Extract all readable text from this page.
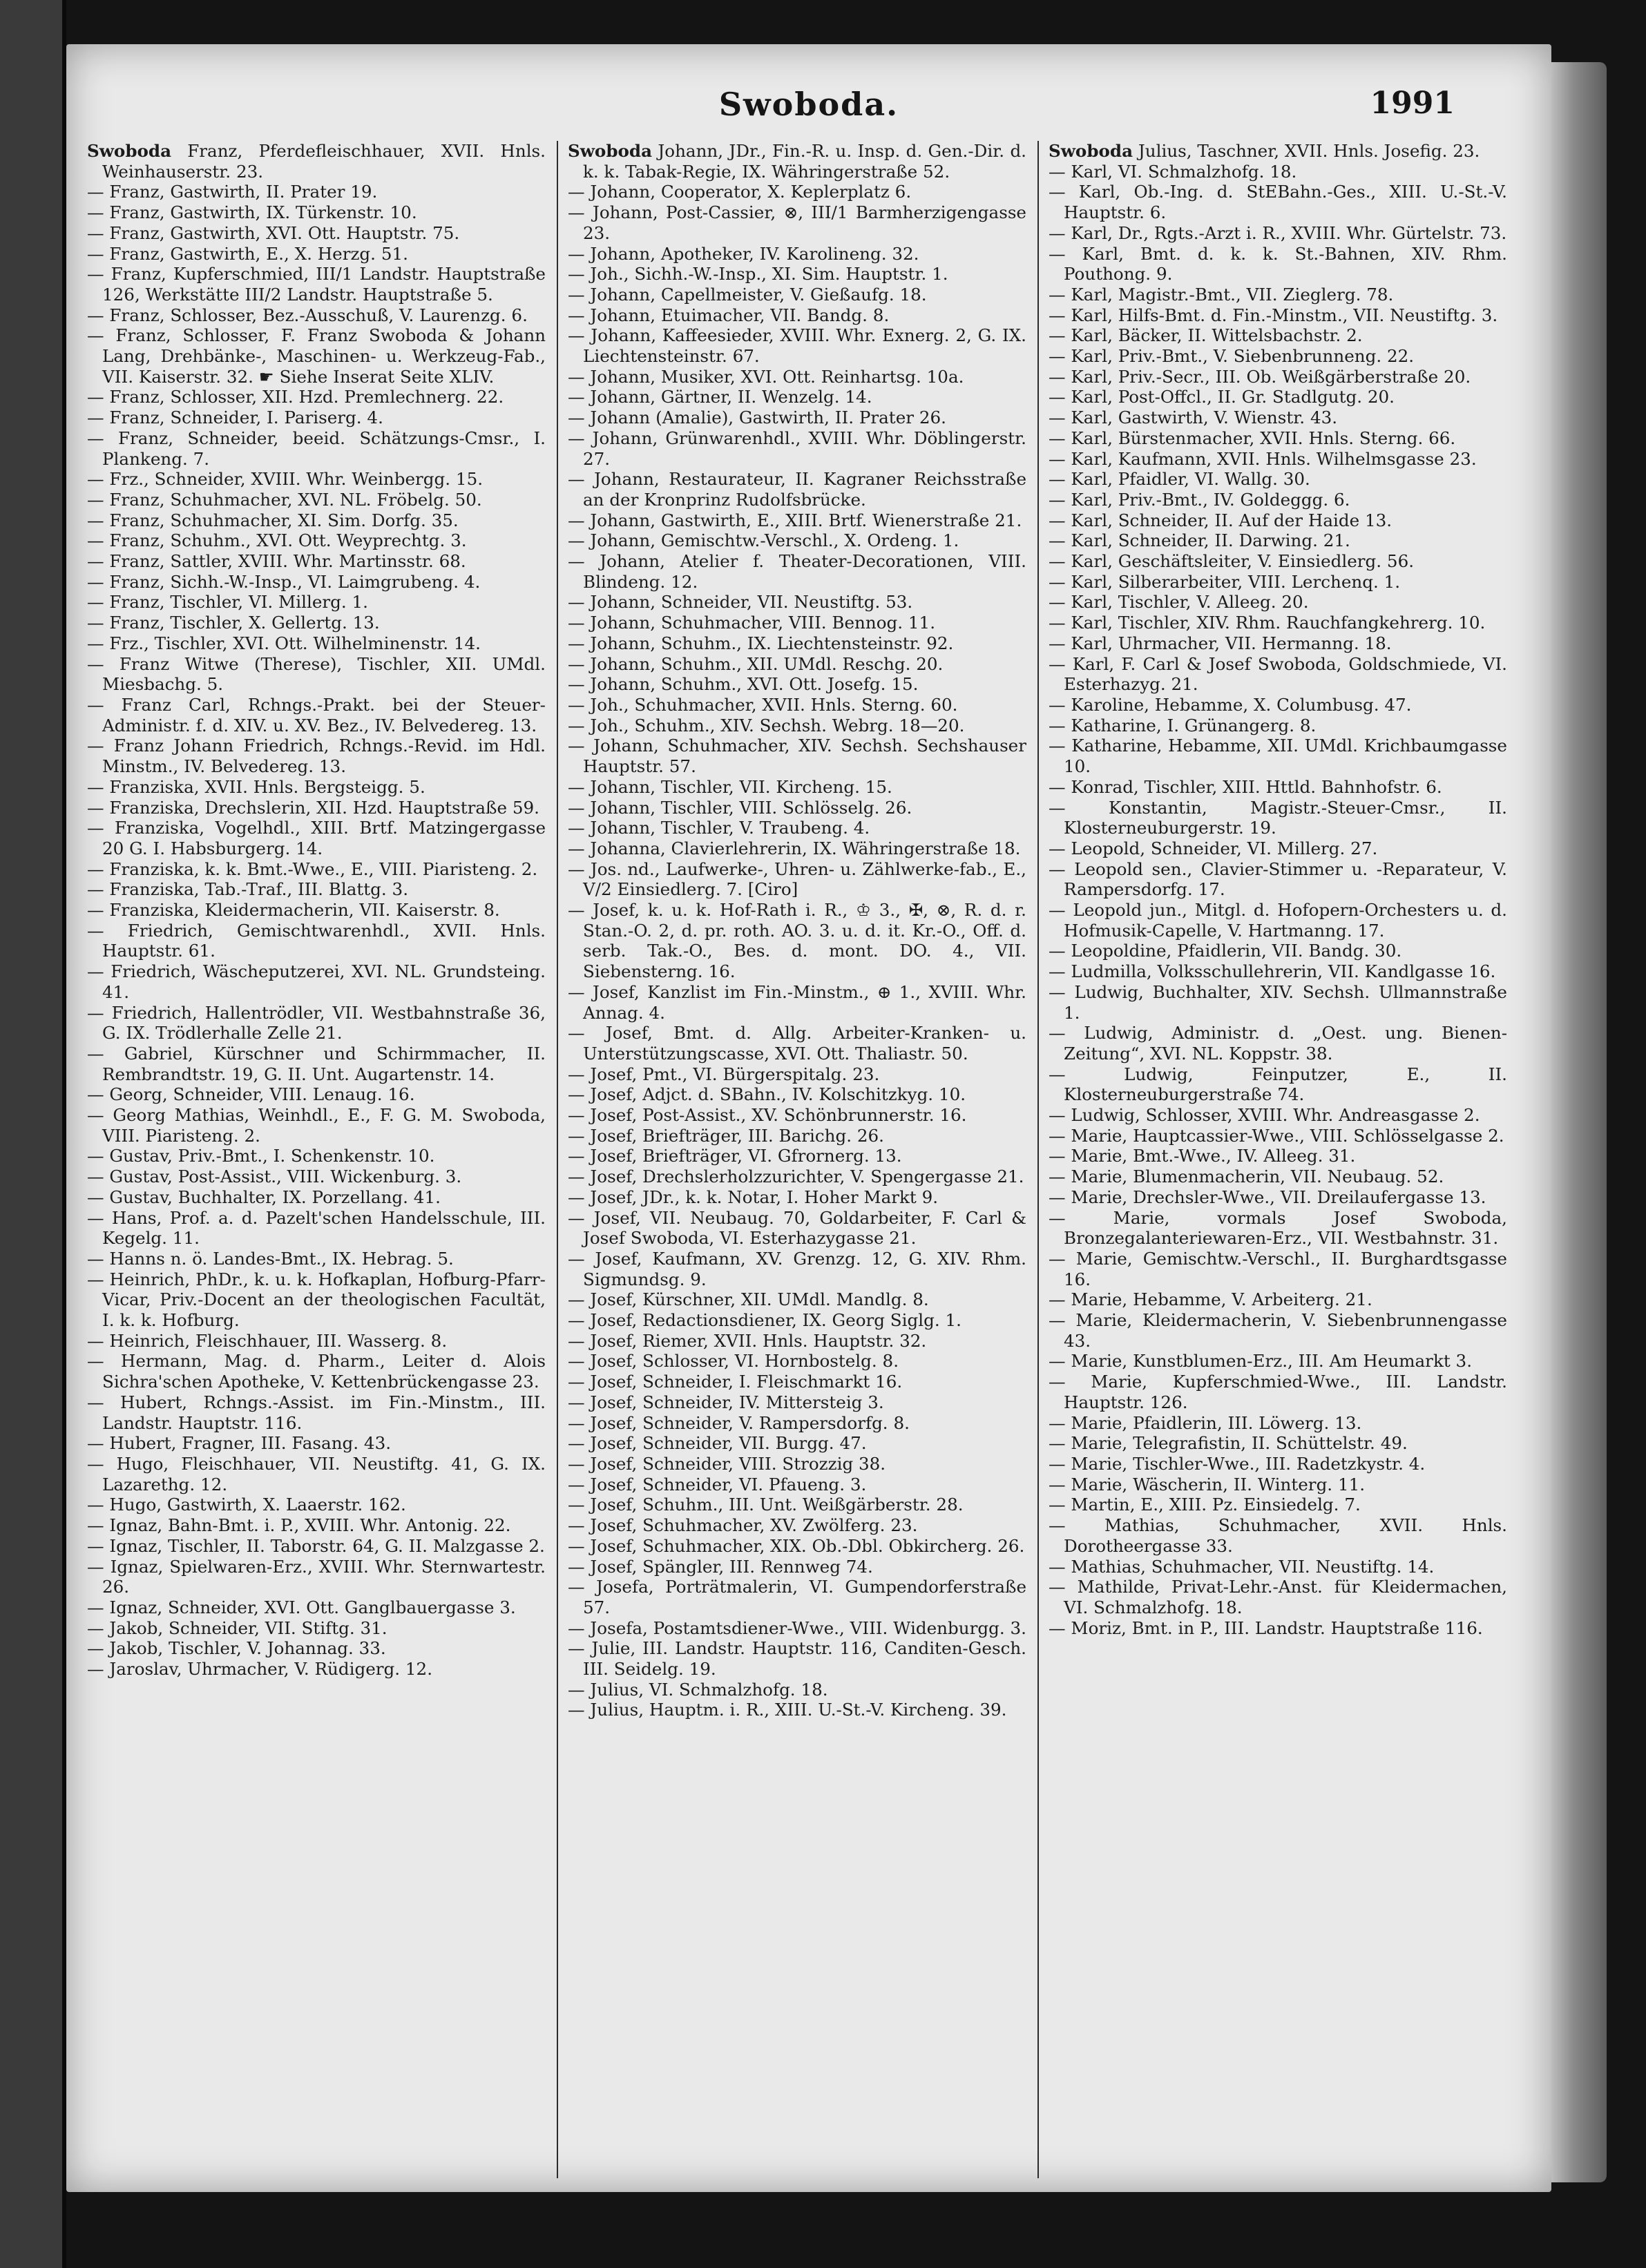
Swoboda.	1991

Swoboda Franz, Pferdefleischhauer, XVII. Hnls. Weinhauserstr. 23.

— Franz, Gastwirth, II. Prater 19.

— Franz, Gastwirth, IX. Türkenstr. 10.

— Franz, Gastwirth, XVI. Ott. Hauptstr. 75.

— Franz, Gastwirth, E., X. Herzg. 51.

— Franz, Kupferschmied, III/1 Landstr. Hauptstraße 126, Werkstätte III/2 Landstr. Hauptstraße 5.

— Franz, Schlosser, Bez.-Ausschuß, V. Laurenzg. 6.

— Franz, Schlosser, F. Franz Swoboda & Johann Lang, Drehbänke-, Maschinen- u. Werkzeug-Fab., VII. Kaiserstr. 32. ☛ Siehe Inserat Seite XLIV.

— Franz, Schlosser, XII. Hzd. Premlechnerg. 22.

— Franz, Schneider, I. Pariserg. 4.

— Franz, Schneider, beeid. Schätzungs-Cmsr., I. Plankeng. 7.

— Frz., Schneider, XVIII. Whr. Weinbergg. 15.

— Franz, Schuhmacher, XVI. NL. Fröbelg. 50.

— Franz, Schuhmacher, XI. Sim. Dorfg. 35.

— Franz, Schuhm., XVI. Ott. Weyprechtg. 3.

— Franz, Sattler, XVIII. Whr. Martinsstr. 68.

— Franz, Sichh.-W.-Insp., VI. Laimgrubeng. 4.

— Franz, Tischler, VI. Millerg. 1.

— Franz, Tischler, X. Gellertg. 13.

— Frz., Tischler, XVI. Ott. Wilhelminenstr. 14.

— Franz Witwe (Therese), Tischler, XII. UMdl. Miesbachg. 5.

— Franz Carl, Rchngs.-Prakt. bei der Steuer-Administr. f. d. XIV. u. XV. Bez., IV. Belvedereg. 13.

— Franz Johann Friedrich, Rchngs.-Revid. im Hdl. Minstm., IV. Belvedereg. 13.

— Franziska, XVII. Hnls. Bergsteigg. 5.

— Franziska, Drechslerin, XII. Hzd. Hauptstraße 59.

— Franziska, Vogelhdl., XIII. Brtf. Matzingergasse 20 G. I. Habsburgerg. 14.

— Franziska, k. k. Bmt.-Wwe., E., VIII. Piaristeng. 2.

— Franziska, Tab.-Traf., III. Blattg. 3.

— Franziska, Kleidermacherin, VII. Kaiserstr. 8.

— Friedrich, Gemischtwarenhdl., XVII. Hnls. Hauptstr. 61.

— Friedrich, Wäscheputzerei, XVI. NL. Grundsteing. 41.

— Friedrich, Hallentrödler, VII. Westbahnstraße 36, G. IX. Trödlerhalle Zelle 21.

— Gabriel, Kürschner und Schirmmacher, II. Rembrandtstr. 19, G. II. Unt. Augartenstr. 14.

— Georg, Schneider, VIII. Lenaug. 16.

— Georg Mathias, Weinhdl., E., F. G. M. Swoboda, VIII. Piaristeng. 2.

— Gustav, Priv.-Bmt., I. Schenkenstr. 10.

— Gustav, Post-Assist., VIII. Wickenburg. 3.

— Gustav, Buchhalter, IX. Porzellang. 41.

— Hans, Prof. a. d. Pazelt'schen Handelsschule, III. Kegelg. 11.

— Hanns n. ö. Landes-Bmt., IX. Hebrag. 5.

— Heinrich, PhDr., k. u. k. Hofkaplan, Hofburg-Pfarr-Vicar, Priv.-Docent an der theologischen Facultät, I. k. k. Hofburg.

— Heinrich, Fleischhauer, III. Wasserg. 8.

— Hermann, Mag. d. Pharm., Leiter d. Alois Sichra'schen Apotheke, V. Kettenbrückengasse 23.

— Hubert, Rchngs.-Assist. im Fin.-Minstm., III. Landstr. Hauptstr. 116.

— Hubert, Fragner, III. Fasang. 43.

— Hugo, Fleischhauer, VII. Neustiftg. 41, G. IX. Lazarethg. 12.

— Hugo, Gastwirth, X. Laaerstr. 162.

— Ignaz, Bahn-Bmt. i. P., XVIII. Whr. Antonig. 22.

— Ignaz, Tischler, II. Taborstr. 64, G. II. Malzgasse 2.

— Ignaz, Spielwaren-Erz., XVIII. Whr. Sternwartestr. 26.

— Ignaz, Schneider, XVI. Ott. Ganglbauergasse 3.

— Jakob, Schneider, VII. Stiftg. 31.

— Jakob, Tischler, V. Johannag. 33.

— Jaroslav, Uhrmacher, V. Rüdigerg. 12.

Swoboda Johann, JDr., Fin.-R. u. Insp. d. Gen.-Dir. d. k. k. Tabak-Regie, IX. Währingerstraße 52.

— Johann, Cooperator, X. Keplerplatz 6.

— Johann, Post-Cassier, ⊗, III/1 Barmherzigengasse 23.

— Johann, Apotheker, IV. Karolineng. 32.

— Joh., Sichh.-W.-Insp., XI. Sim. Hauptstr. 1.

— Johann, Capellmeister, V. Gießaufg. 18.

— Johann, Etuimacher, VII. Bandg. 8.

— Johann, Kaffeesieder, XVIII. Whr. Exnerg. 2, G. IX. Liechtensteinstr. 67.

— Johann, Musiker, XVI. Ott. Reinhartsg. 10a.

— Johann, Gärtner, II. Wenzelg. 14.

— Johann (Amalie), Gastwirth, II. Prater 26.

— Johann, Grünwarenhdl., XVIII. Whr. Döblingerstr. 27.

— Johann, Restaurateur, II. Kagraner Reichsstraße an der Kronprinz Rudolfsbrücke.

— Johann, Gastwirth, E., XIII. Brtf. Wienerstraße 21.

— Johann, Gemischtw.-Verschl., X. Ordeng. 1.

— Johann, Atelier f. Theater-Decorationen, VIII. Blindeng. 12.

— Johann, Schneider, VII. Neustiftg. 53.

— Johann, Schuhmacher, VIII. Bennog. 11.

— Johann, Schuhm., IX. Liechtensteinstr. 92.

— Johann, Schuhm., XII. UMdl. Reschg. 20.

— Johann, Schuhm., XVI. Ott. Josefg. 15.

— Joh., Schuhmacher, XVII. Hnls. Sterng. 60.

— Joh., Schuhm., XIV. Sechsh. Webrg. 18—20.

— Johann, Schuhmacher, XIV. Sechsh. Sechshauser Hauptstr. 57.

— Johann, Tischler, VII. Kircheng. 15.

— Johann, Tischler, VIII. Schlösselg. 26.

— Johann, Tischler, V. Traubeng. 4.

— Johanna, Clavierlehrerin, IX. Währingerstraße 18.

— Jos. nd., Laufwerke-, Uhren- u. Zählwerke-fab., E., V/2 Einsiedlerg. 7. [Ciro]

— Josef, k. u. k. Hof-Rath i. R., ♔ 3., ✠, ⊗, R. d. r. Stan.-O. 2, d. pr. roth. AO. 3. u. d. it. Kr.-O., Off. d. serb. Tak.-O., Bes. d. mont. DO. 4., VII. Siebensterng. 16.

— Josef, Kanzlist im Fin.-Minstm., ⊕ 1., XVIII. Whr. Annag. 4.

— Josef, Bmt. d. Allg. Arbeiter-Kranken- u. Unterstützungscasse, XVI. Ott. Thaliastr. 50.

— Josef, Pmt., VI. Bürgerspitalg. 23.

— Josef, Adjct. d. SBahn., IV. Kolschitzkyg. 10.

— Josef, Post-Assist., XV. Schönbrunnerstr. 16.

— Josef, Briefträger, III. Barichg. 26.

— Josef, Briefträger, VI. Gfrornerg. 13.

— Josef, Drechslerholzzurichter, V. Spengergasse 21.

— Josef, JDr., k. k. Notar, I. Hoher Markt 9.

— Josef, VII. Neubaug. 70, Goldarbeiter, F. Carl & Josef Swoboda, VI. Esterhazygasse 21.

— Josef, Kaufmann, XV. Grenzg. 12, G. XIV. Rhm. Sigmundsg. 9.

— Josef, Kürschner, XII. UMdl. Mandlg. 8.

— Josef, Redactionsdiener, IX. Georg Siglg. 1.

— Josef, Riemer, XVII. Hnls. Hauptstr. 32.

— Josef, Schlosser, VI. Hornbostelg. 8.

— Josef, Schneider, I. Fleischmarkt 16.

— Josef, Schneider, IV. Mittersteig 3.

— Josef, Schneider, V. Rampersdorfg. 8.

— Josef, Schneider, VII. Burgg. 47.

— Josef, Schneider, VIII. Strozzig 38.

— Josef, Schneider, VI. Pfaueng. 3.

— Josef, Schuhm., III. Unt. Weißgärberstr. 28.

— Josef, Schuhmacher, XV. Zwölferg. 23.

— Josef, Schuhmacher, XIX. Ob.-Dbl. Obkircherg. 26.

— Josef, Spängler, III. Rennweg 74.

— Josefa, Porträtmalerin, VI. Gumpendorferstraße 57.

— Josefa, Postamtsdiener-Wwe., VIII. Widenburgg. 3.

— Julie, III. Landstr. Hauptstr. 116, Canditen-Gesch. III. Seidelg. 19.

— Julius, VI. Schmalzhofg. 18.

— Julius, Hauptm. i. R., XIII. U.-St.-V. Kircheng. 39.

Swoboda Julius, Taschner, XVII. Hnls. Josefig. 23.

— Karl, VI. Schmalzhofg. 18.

— Karl, Ob.-Ing. d. StEBahn.-Ges., XIII. U.-St.-V. Hauptstr. 6.

— Karl, Dr., Rgts.-Arzt i. R., XVIII. Whr. Gürtelstr. 73.

— Karl, Bmt. d. k. k. St.-Bahnen, XIV. Rhm. Pouthong. 9.

— Karl, Magistr.-Bmt., VII. Zieglerg. 78.

— Karl, Hilfs-Bmt. d. Fin.-Minstm., VII. Neustiftg. 3.

— Karl, Bäcker, II. Wittelsbachstr. 2.

— Karl, Priv.-Bmt., V. Siebenbrunneng. 22.

— Karl, Priv.-Secr., III. Ob. Weißgärberstraße 20.

— Karl, Post-Offcl., II. Gr. Stadlgutg. 20.

— Karl, Gastwirth, V. Wienstr. 43.

— Karl, Bürstenmacher, XVII. Hnls. Sterng. 66.

— Karl, Kaufmann, XVII. Hnls. Wilhelmsgasse 23.

— Karl, Pfaidler, VI. Wallg. 30.

— Karl, Priv.-Bmt., IV. Goldeggg. 6.

— Karl, Schneider, II. Auf der Haide 13.

— Karl, Schneider, II. Darwing. 21.

— Karl, Geschäftsleiter, V. Einsiedlerg. 56.

— Karl, Silberarbeiter, VIII. Lerchenq. 1.

— Karl, Tischler, V. Alleeg. 20.

— Karl, Tischler, XIV. Rhm. Rauchfangkehrerg. 10.

— Karl, Uhrmacher, VII. Hermanng. 18.

— Karl, F. Carl & Josef Swoboda, Goldschmiede, VI. Esterhazyg. 21.

— Karoline, Hebamme, X. Columbusg. 47.

— Katharine, I. Grünangerg. 8.

— Katharine, Hebamme, XII. UMdl. Krichbaumgasse 10.

— Konrad, Tischler, XIII. Httld. Bahnhofstr. 6.

— Konstantin, Magistr.-Steuer-Cmsr., II. Klosterneuburgerstr. 19.

— Leopold, Schneider, VI. Millerg. 27.

— Leopold sen., Clavier-Stimmer u. -Reparateur, V. Rampersdorfg. 17.

— Leopold jun., Mitgl. d. Hofopern-Orchesters u. d. Hofmusik-Capelle, V. Hartmanng. 17.

— Leopoldine, Pfaidlerin, VII. Bandg. 30.

— Ludmilla, Volksschullehrerin, VII. Kandlgasse 16.

— Ludwig, Buchhalter, XIV. Sechsh. Ullmannstraße 1.

— Ludwig, Administr. d. „Oest. ung. Bienen-Zeitung“, XVI. NL. Koppstr. 38.

— Ludwig, Feinputzer, E., II. Klosterneuburgerstraße 74.

— Ludwig, Schlosser, XVIII. Whr. Andreasgasse 2.

— Marie, Hauptcassier-Wwe., VIII. Schlösselgasse 2.

— Marie, Bmt.-Wwe., IV. Alleeg. 31.

— Marie, Blumenmacherin, VII. Neubaug. 52.

— Marie, Drechsler-Wwe., VII. Dreilaufergasse 13.

— Marie, vormals Josef Swoboda, Bronzegalanteriewaren-Erz., VII. Westbahnstr. 31.

— Marie, Gemischtw.-Verschl., II. Burghardtsgasse 16.

— Marie, Hebamme, V. Arbeiterg. 21.

— Marie, Kleidermacherin, V. Siebenbrunnengasse 43.

— Marie, Kunstblumen-Erz., III. Am Heumarkt 3.

— Marie, Kupferschmied-Wwe., III. Landstr. Hauptstr. 126.

— Marie, Pfaidlerin, III. Löwerg. 13.

— Marie, Telegrafistin, II. Schüttelstr. 49.

— Marie, Tischler-Wwe., III. Radetzkystr. 4.

— Marie, Wäscherin, II. Winterg. 11.

— Martin, E., XIII. Pz. Einsiedelg. 7.

— Mathias, Schuhmacher, XVII. Hnls. Dorotheergasse 33.

— Mathias, Schuhmacher, VII. Neustiftg. 14.

— Mathilde, Privat-Lehr.-Anst. für Kleidermachen, VI. Schmalzhofg. 18.

— Moriz, Bmt. in P., III. Landstr. Hauptstraße 116.
